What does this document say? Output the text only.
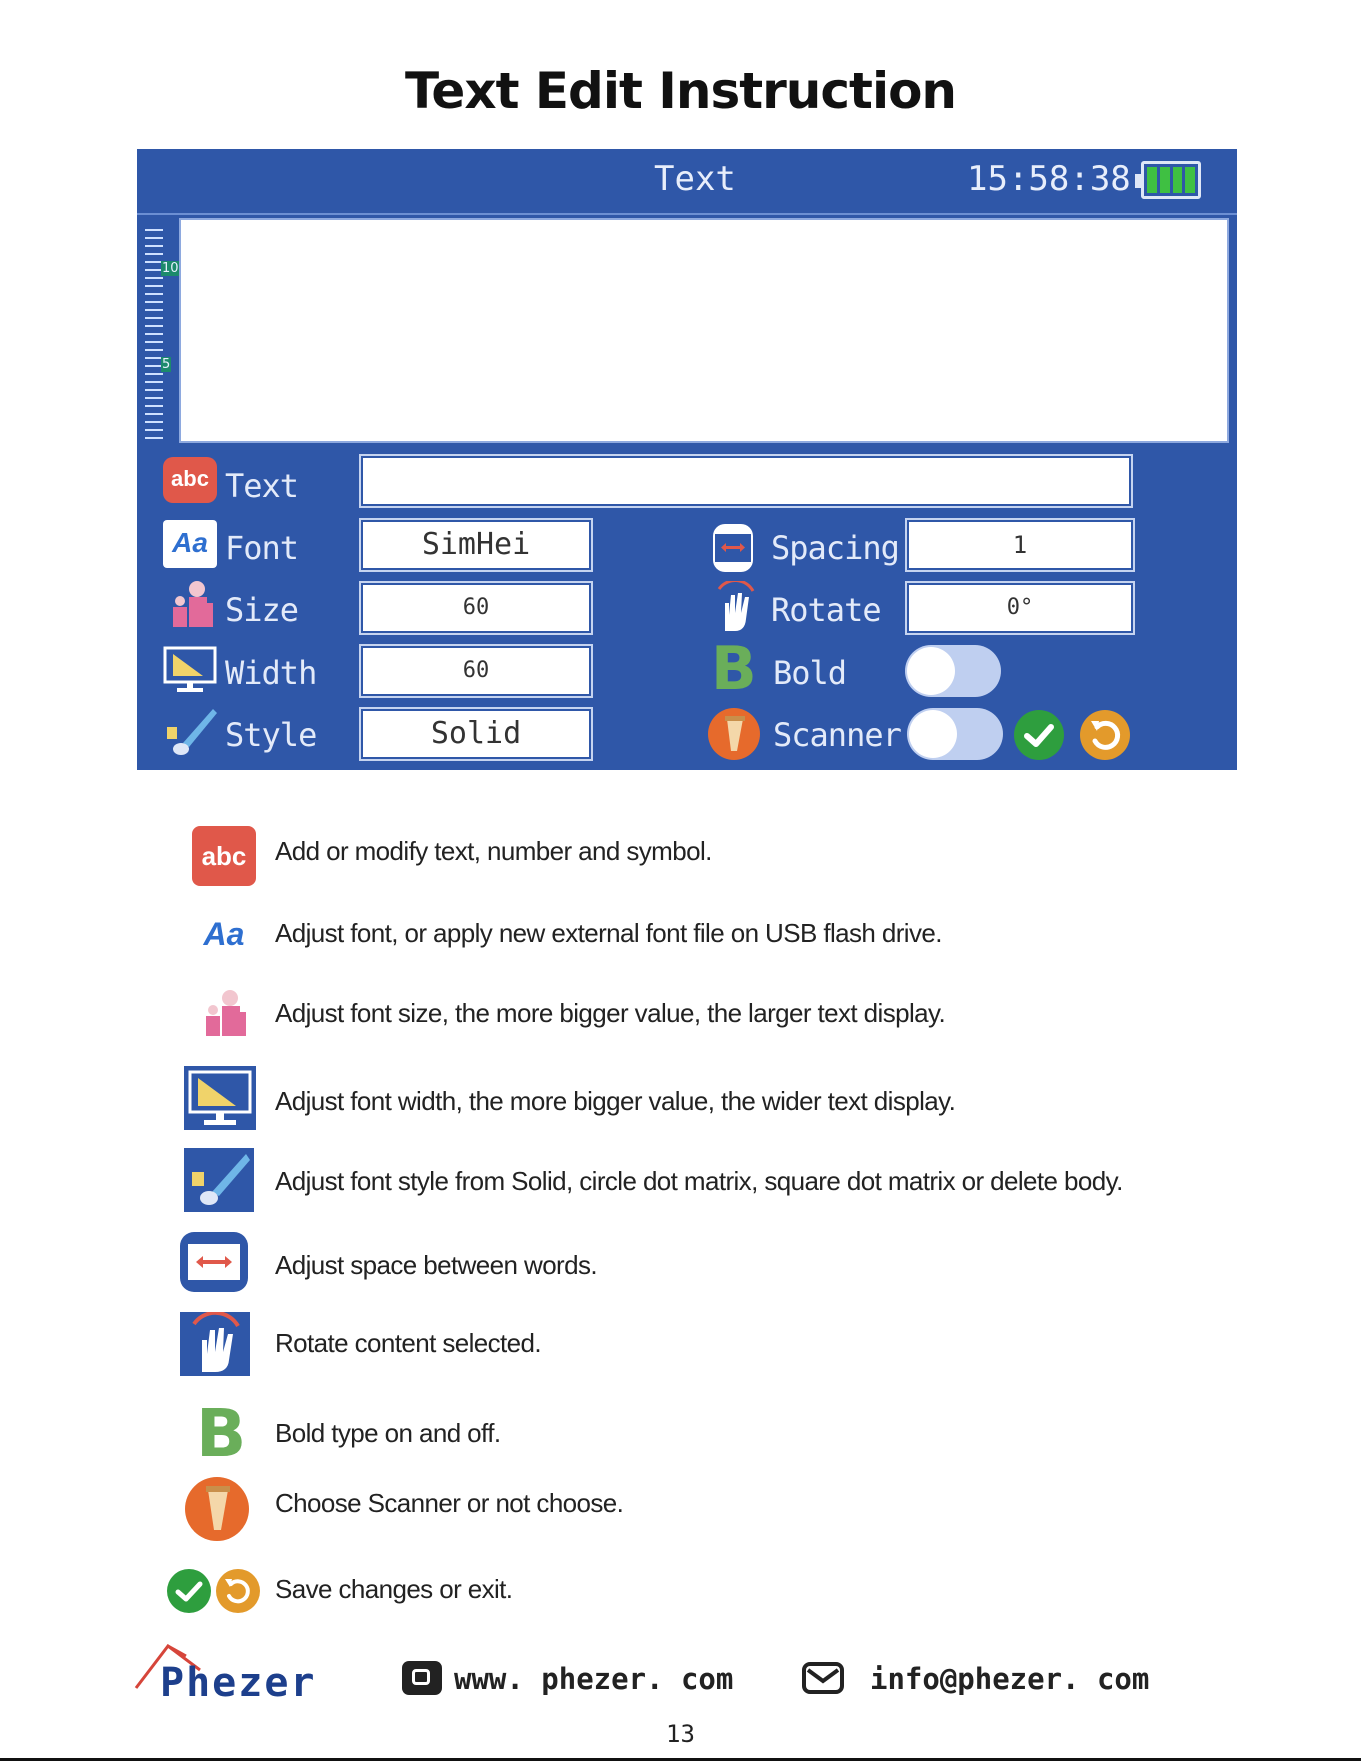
Text Edit Instruction
Text	15:58:38
10
5
abc Text
Aa Font	SimHei	Spacing	1
Size	60	Rotate	0°
Width	60	B Bold
Style	Solid	Scanner
abc	Add or modify text, number and symbol.
Aa Adjust font, or apply new external font file on USB flash drive.
Adjust font size, the more bigger value, the larger text display.
Adjust font width, the more bigger value, the wider text display.
Adjust font style from Solid, circle dot matrix, square dot matrix or delete body.
Adjust space between words.
Rotate content selected.
B Bold type on and off.
Choose Scanner or not choose.
Save changes or exit.
Phezer	www. phezer. com	info@phezer. com
13
